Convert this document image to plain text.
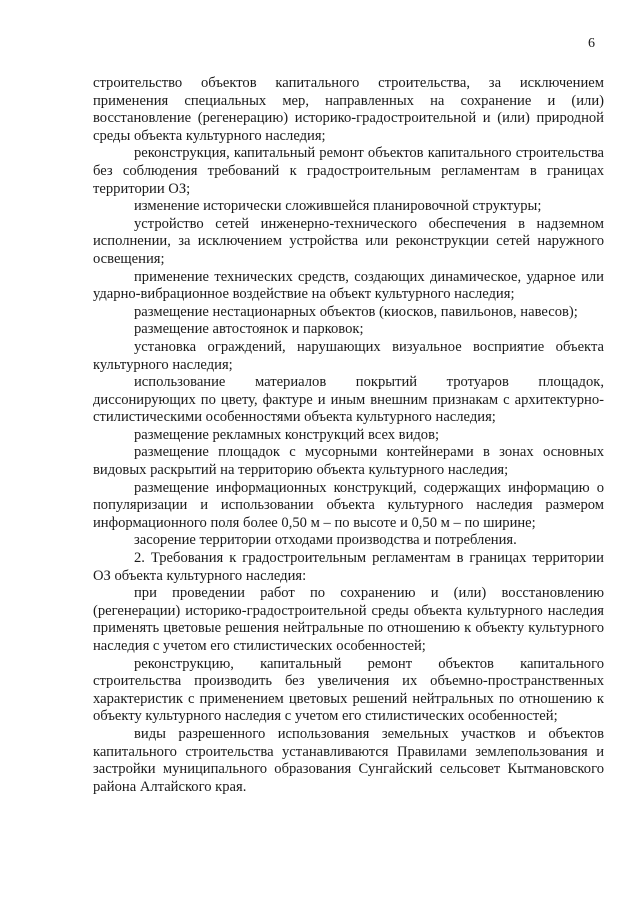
6

строительство объектов капитального строительства, за исключением применения специальных мер, направленных на сохранение и (или) восстановление (регенерацию) историко-градостроительной и (или) природной среды объекта культурного наследия;

реконструкция, капитальный ремонт объектов капитального строительства без соблюдения требований к градостроительным регламентам в границах территории ОЗ;

изменение исторически сложившейся планировочной структуры;

устройство сетей инженерно-технического обеспечения в надземном исполнении, за исключением устройства или реконструкции сетей наружного освещения;

применение технических средств, создающих динамическое, ударное или ударно-вибрационное воздействие на объект культурного наследия;

размещение нестационарных объектов (киосков, павильонов, навесов);

размещение автостоянок и парковок;

установка ограждений, нарушающих визуальное восприятие объекта культурного наследия;

использование материалов покрытий тротуаров площадок, диссонирующих по цвету, фактуре и иным внешним признакам с архитектурно-стилистическими особенностями объекта культурного наследия;

размещение рекламных конструкций всех видов;

размещение площадок с мусорными контейнерами в зонах основных видовых раскрытий на территорию объекта культурного наследия;

размещение информационных конструкций, содержащих информацию о популяризации и использовании объекта культурного наследия размером информационного поля более 0,50 м – по высоте и 0,50 м – по ширине;

засорение территории отходами производства и потребления.

2. Требования к градостроительным регламентам в границах территории ОЗ объекта культурного наследия:

при проведении работ по сохранению и (или) восстановлению (регенерации) историко-градостроительной среды объекта культурного наследия применять цветовые решения нейтральные по отношению к объекту культурного наследия с учетом его стилистических особенностей;

реконструкцию, капитальный ремонт объектов капитального строительства производить без увеличения их объемно-пространственных характеристик с применением цветовых решений нейтральных по отношению к объекту культурного наследия с учетом его стилистических особенностей;

виды разрешенного использования земельных участков и объектов капитального строительства устанавливаются Правилами землепользования и застройки муниципального образования Сунгайский сельсовет Кытмановского района Алтайского края.
